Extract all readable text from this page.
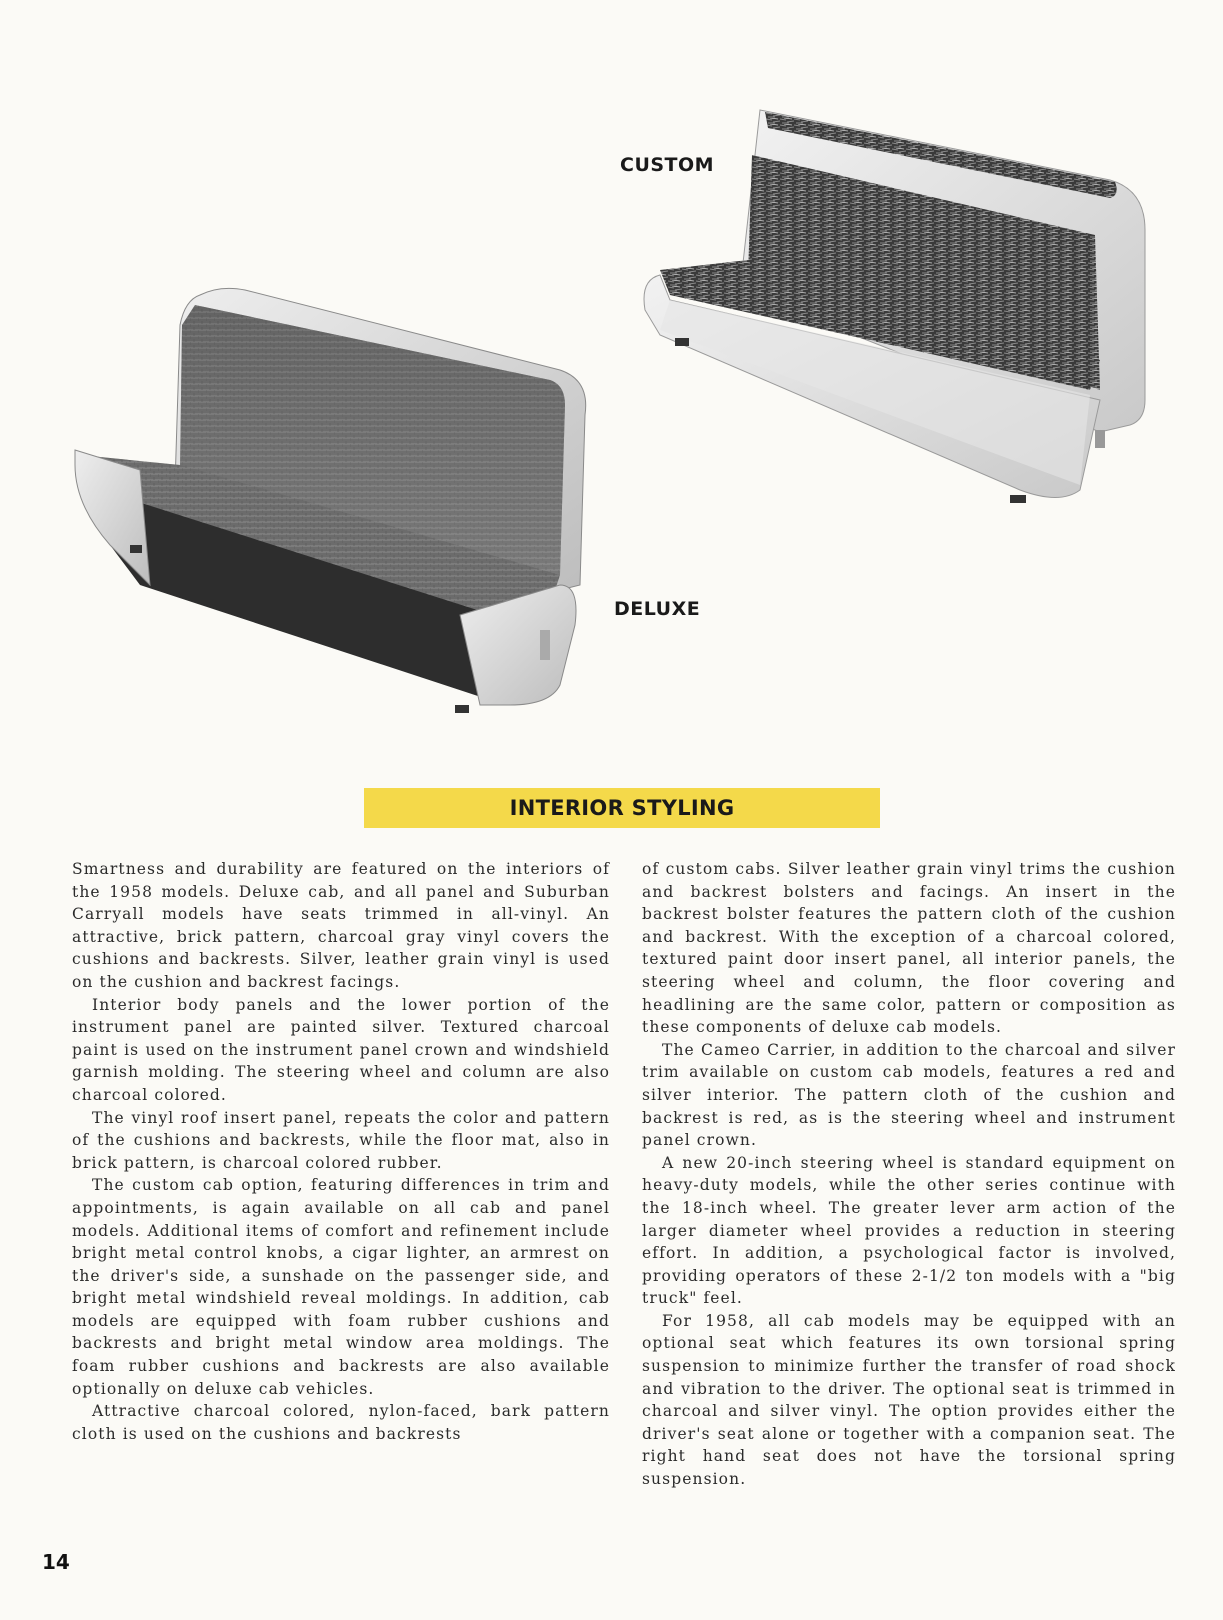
CUSTOM
DELUXE
INTERIOR STYLING

Smartness and durability are featured on the interiors of the 1958 models. Deluxe cab, and all panel and Suburban Carryall models have seats trimmed in all-vinyl. An attractive, brick pattern, charcoal gray vinyl covers the cushions and backrests. Silver, leather grain vinyl is used on the cushion and backrest facings.

Interior body panels and the lower portion of the instrument panel are painted silver. Textured charcoal paint is used on the instrument panel crown and windshield garnish molding. The steering wheel and column are also charcoal colored.

The vinyl roof insert panel, repeats the color and pattern of the cushions and backrests, while the floor mat, also in brick pattern, is charcoal colored rubber.

The custom cab option, featuring differences in trim and appointments, is again available on all cab and panel models. Additional items of comfort and refinement include bright metal control knobs, a cigar lighter, an armrest on the driver's side, a sunshade on the passenger side, and bright metal windshield reveal moldings. In addition, cab models are equipped with foam rubber cushions and backrests and bright metal window area moldings. The foam rubber cushions and backrests are also available optionally on deluxe cab vehicles.

Attractive charcoal colored, nylon-faced, bark pattern cloth is used on the cushions and backrests

of custom cabs. Silver leather grain vinyl trims the cushion and backrest bolsters and facings. An insert in the backrest bolster features the pattern cloth of the cushion and backrest. With the exception of a charcoal colored, textured paint door insert panel, all interior panels, the steering wheel and column, the floor covering and headlining are the same color, pattern or composition as these components of deluxe cab models.

The Cameo Carrier, in addition to the charcoal and silver trim available on custom cab models, features a red and silver interior. The pattern cloth of the cushion and backrest is red, as is the steering wheel and instrument panel crown.

A new 20-inch steering wheel is standard equipment on heavy-duty models, while the other series continue with the 18-inch wheel. The greater lever arm action of the larger diameter wheel provides a reduction in steering effort. In addition, a psychological factor is involved, providing operators of these 2-1/2 ton models with a "big truck" feel.

For 1958, all cab models may be equipped with an optional seat which features its own torsional spring suspension to minimize further the transfer of road shock and vibration to the driver. The optional seat is trimmed in charcoal and silver vinyl. The option provides either the driver's seat alone or together with a companion seat. The right hand seat does not have the torsional spring suspension.

14
